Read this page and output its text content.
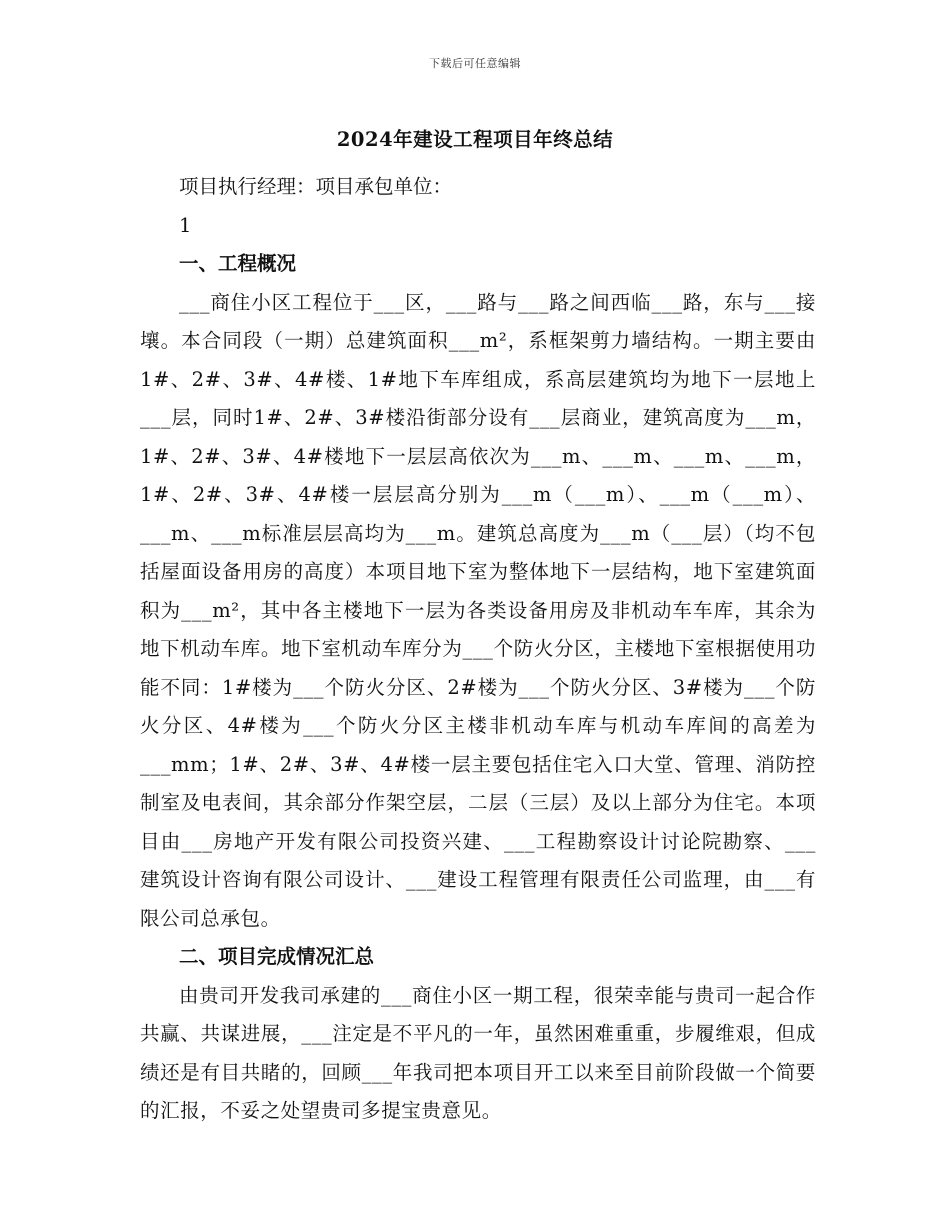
下载后可任意编辑
2024年建设工程项目年终总结

项目执行经理：项目承包单位：

1

一、工程概况

___商住小区工程位于___区，___路与___路之间西临___路，东与___接壤。本合同段（一期）总建筑面积___m²，系框架剪力墙结构。一期主要由1#、2#、3#、4#楼、1#地下车库组成，系高层建筑均为地下一层地上___层，同时1#、2#、3#楼沿街部分设有___层商业，建筑高度为___m，1#、2#、3#、4#楼地下一层层高依次为___m、___m、___m、___m，1#、2#、3#、4#楼一层层高分别为___m（___m）、___m（___m）、___m、___m标准层层高均为___m。建筑总高度为___m（___层）（均不包括屋面设备用房的高度）本项目地下室为整体地下一层结构，地下室建筑面积为___m²，其中各主楼地下一层为各类设备用房及非机动车车库，其余为地下机动车库。地下室机动车库分为___个防火分区，主楼地下室根据使用功能不同：1#楼为___个防火分区、2#楼为___个防火分区、3#楼为___个防火分区、4#楼为___个防火分区主楼非机动车库与机动车库间的高差为___mm；1#、2#、3#、4#楼一层主要包括住宅入口大堂、管理、消防控制室及电表间，其余部分作架空层，二层（三层）及以上部分为住宅。本项目由___房地产开发有限公司投资兴建、___工程勘察设计讨论院勘察、___建筑设计咨询有限公司设计、___建设工程管理有限责任公司监理，由___有限公司总承包。

二、项目完成情况汇总

由贵司开发我司承建的___商住小区一期工程，很荣幸能与贵司一起合作共赢、共谋进展，___注定是不平凡的一年，虽然困难重重，步履维艰，但成绩还是有目共睹的，回顾___年我司把本项目开工以来至目前阶段做一个简要的汇报，不妥之处望贵司多提宝贵意见。
